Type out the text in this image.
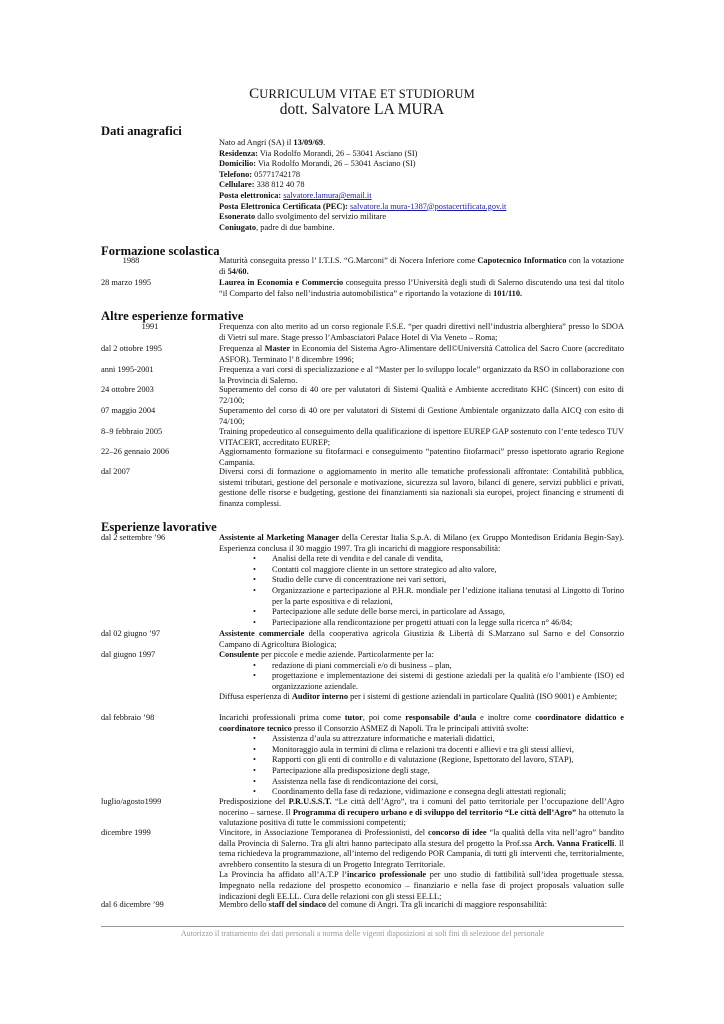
CURRICULUM VITAE ET STUDIORUM
dott. Salvatore LA MURA
Dati anagrafici
Nato ad Angri (SA) il 13/09/69.
Residenza: Via Rodolfo Morandi, 26 – 53041 Asciano (SI)
Domicilio: Via Rodolfo Morandi, 26 – 53041 Asciano (SI)
Telefono: 05771742178
Cellulare: 338 812 40 78
Posta elettronica: salvatore.lamura@email.it
Posta Elettronica Certificata (PEC): salvatore.la mura-1387@postacertificata.gov.it
Esonerato dallo svolgimento del servizio militare
Coniugato, padre di due bambine.
Formazione scolastica
1988	Maturità conseguita presso l’ I.T.I.S. “G.Marconi” di Nocera Inferiore come Capotecnico Informatico con la votazione di 54/60.
28 marzo 1995	Laurea in Economia e Commercio conseguita presso l’Università degli studi di Salerno discutendo una tesi dal titolo “il Comparto del falso nell’industria automobilistica” e riportando la votazione di 101/110.
Altre esperienze formative
1991	Frequenza con alto merito ad un corso regionale F.S.E. “per quadri direttivi nell’industria alberghiera” presso lo SDOA di Vietri sul mare. Stage presso l’Ambasciatori Palace Hotel di Via Veneto – Roma;
dal 2 ottobre 1995	Frequenza al Master in Economia del Sistema Agro-Alimentare dell©Università Cattolica del Sacro Cuore (accreditato ASFOR). Terminato l’ 8 dicembre 1996;
anni 1995-2001	Frequenza a vari corsi di specializzazione e al “Master per lo sviluppo locale” organizzato da RSO in collaborazione con la Provincia di Salerno.
24 ottobre 2003	Superamento del corso di 40 ore per valutatori di Sistemi Qualità e Ambiente accreditato KHC (Sincert) con esito di 72/100;
07 maggio 2004	Superamento del corso di 40 ore per valutatori di Sistemi di Gestione Ambientale organizzato dalla AICQ con esito di 74/100;
8–9 febbraio 2005	Training propedeutico al conseguimento della qualificazione di ispettore EUREP GAP sostenuto con l’ente tedesco TUV VITACERT, accreditato EUREP;
22–26 gennaio 2006	Aggiornamento formazione su fitofarmaci e conseguimento “patentino fitofarmaci” presso ispettorato agrario Regione Campania.
dal 2007	Diversi corsi di formazione o aggiornamento in merito alle tematiche professionali affrontate: Contabilità pubblica, sistemi tributari, gestione del personale e motivazione, sicurezza sul lavoro, bilanci di genere, servizi pubblici e privati, gestione delle risorse e budgeting, gestione dei finanziamenti sia nazionali sia europei, project financing e strumenti di finanza complessi.
Esperienze lavorative
dal 2 settembre ’96	Assistente al Marketing Manager della Cerestar Italia S.p.A. di Milano (ex Gruppo Montedison Eridania Begin-Say). Esperienza conclusa il 30 maggio 1997. Tra gli incarichi di maggiore responsabilità:
• Analisi della rete di vendita e del canale di vendita,
• Contatti col maggiore cliente in un settore strategico ad alto valore,
• Studio delle curve di concentrazione nei vari settori,
• Organizzazione e partecipazione al P.H.R. mondiale per l’edizione italiana tenutasi al Lingotto di Torino per la parte espositiva e di relazioni,
• Partecipazione alle sedute delle borse merci, in particolare ad Assago,
• Partecipazione alla rendicontazione per progetti attuati con la legge sulla ricerca n° 46/84;
dal 02 giugno ’97	Assistente commerciale della cooperativa agricola Giustizia & Libertà di S.Marzano sul Sarno e del Consorzio Campano di Agricoltura Biologica;
dal giugno 1997	Consulente per piccole e medie aziende. Particolarmente per la:
• redazione di piani commerciali e/o di business – plan,
• progettazione e implementazione dei sistemi di gestione aziedali per la qualità e/o l’ambiente (ISO) ed organizzazione aziendale.
Diffusa esperienza di Auditor interno per i sistemi di gestione aziendali in particolare Qualità (ISO 9001) e Ambiente;
dal febbraio ’98	Incarichi professionali prima come tutor, poi come responsabile d’aula e inoltre come coordinatore didattico e coordinatore tecnico presso il Consorzio ASMEZ di Napoli. Tra le principali attività svolte:
• Assistenza d’aula su attrezzature informatiche e materiali didattici,
• Monitoraggio aula in termini di clima e relazioni tra docenti e allievi e tra gli stessi allievi,
• Rapporti con gli enti di controllo e di valutazione (Regione, Ispettorato del lavoro, STAP),
• Partecipazione alla predisposizione degli stage,
• Assistenza nella fase di rendicontazione dei corsi,
• Coordinamento della fase di redazione, vidimazione e consegna degli attestati regionali;
luglio/agosto1999	Predisposizione del P.R.U.S.S.T. “Le città dell’Agro”, tra i comuni del patto territoriale per l’occupazione dell’Agro nocerino – sarnese. Il Programma di recupero urbano e di sviluppo del territorio “Le città dell’Agro” ha ottenuto la valutazione positiva di tutte le commissioni competenti;
dicembre 1999	Vincitore, in Associazione Temporanea di Professionisti, del concorso di idee “la qualità della vita nell’agro” bandito dalla Provincia di Salerno. Tra gli altri hanno partecipato alla stesura del progetto la Prof.ssa Arch. Vanna Fraticelli. Il tema richiedeva la programmazione, all’interno del redigendo POR Campania, di tutti gli interventi che, territorialmente, avrebbero consentito la stesura di un Progetto Integrato Territoriale.
La Provincia ha affidato all’A.T.P l’incarico professionale per uno studio di fattibilità sull’idea progettuale stessa. Impegnato nella redazione del prospetto economico – finanziario e nella fase di project proposals valuation sulle indicazioni degli EE.LL. Cura delle relazioni con gli stessi EE.LL;
dal 6 dicembre ’99	Membro dello staff del sindaco del comune di Angri. Tra gli incarichi di maggiore responsabilità:
Autorizzo il trattamento dei dati personali a norma delle vigenti disposizioni ai soli fini di selezione del personale
